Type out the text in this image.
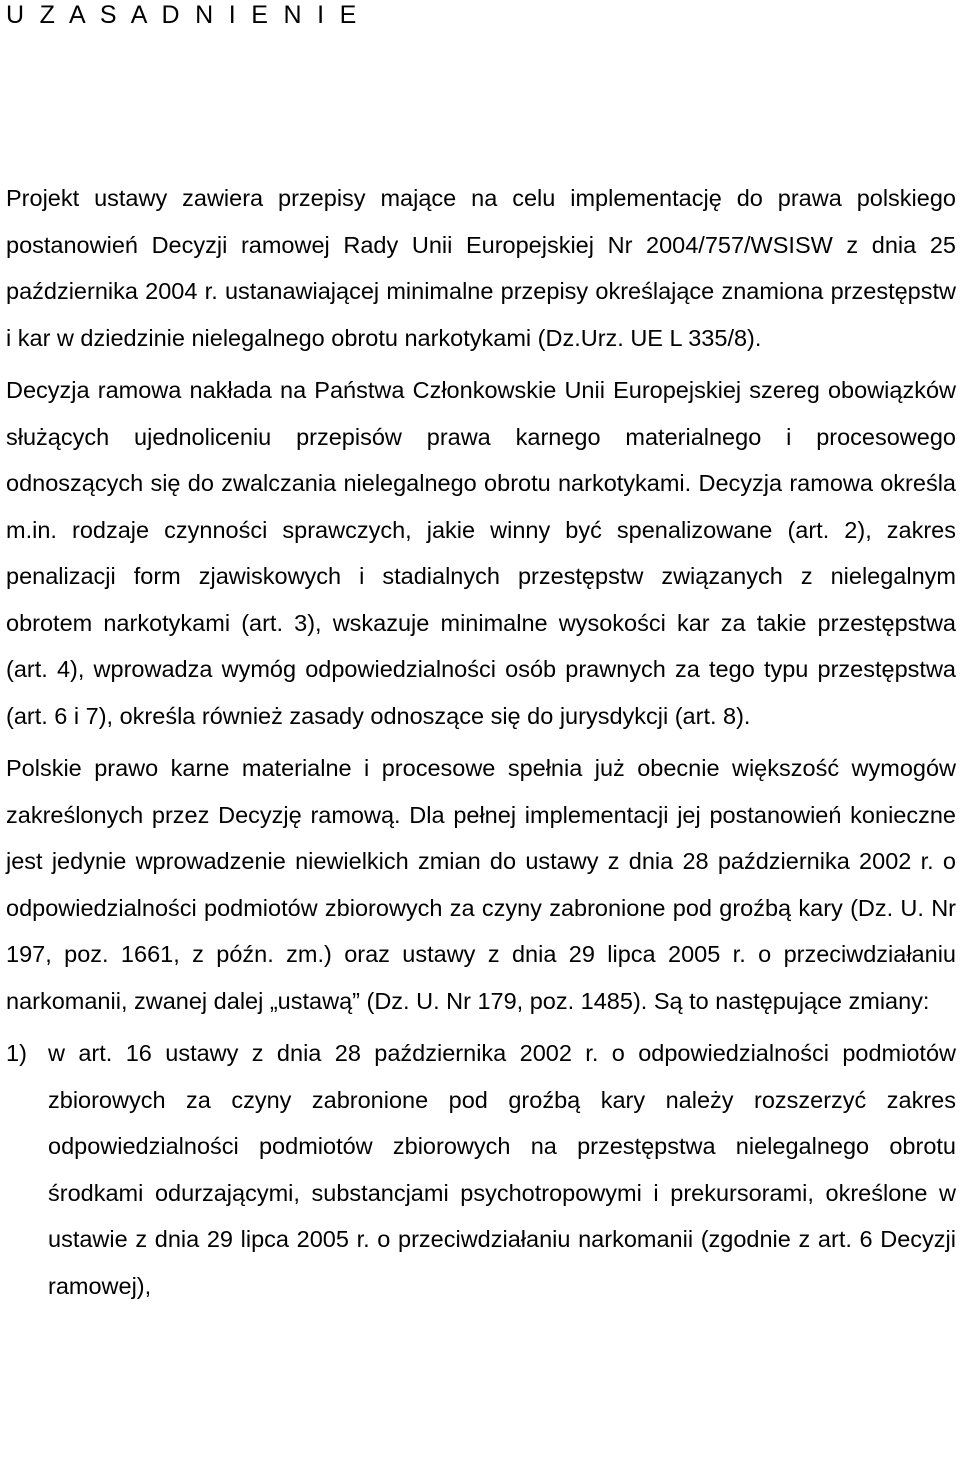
U Z A S A D N I E N I E

Projekt ustawy zawiera przepisy mające na celu implementację do prawa polskiego postanowień Decyzji ramowej Rady Unii Europejskiej Nr 2004/757/WSISW z dnia 25 października 2004 r. ustanawiającej minimalne przepisy określające znamiona przestępstw i kar w dziedzinie nielegalnego obrotu narkotykami (Dz.Urz. UE L 335/8).

Decyzja ramowa nakłada na Państwa Członkowskie Unii Europejskiej szereg obowiązków służących ujednoliceniu przepisów prawa karnego materialnego i procesowego odnoszących się do zwalczania nielegalnego obrotu narkotykami. Decyzja ramowa określa m.in. rodzaje czynności sprawczych, jakie winny być spenalizowane (art. 2), zakres penalizacji form zjawiskowych i stadialnych przestępstw związanych z nielegalnym obrotem narkotykami (art. 3), wskazuje minimalne wysokości kar za takie przestępstwa (art. 4), wprowadza wymóg odpowiedzialności osób prawnych za tego typu przestępstwa (art. 6 i 7), określa również zasady odnoszące się do jurysdykcji (art. 8).

Polskie prawo karne materialne i procesowe spełnia już obecnie większość wymogów zakreślonych przez Decyzję ramową. Dla pełnej implementacji jej postanowień konieczne jest jedynie wprowadzenie niewielkich zmian do ustawy z dnia 28 października 2002 r. o odpowiedzialności podmiotów zbiorowych za czyny zabronione pod groźbą kary (Dz. U. Nr 197, poz. 1661, z późn. zm.) oraz ustawy z dnia 29 lipca 2005 r. o przeciwdziałaniu narkomanii, zwanej dalej „ustawą” (Dz. U. Nr 179, poz. 1485). Są to następujące zmiany:

1) w art. 16 ustawy z dnia 28 października 2002 r. o odpowiedzialności podmiotów zbiorowych za czyny zabronione pod groźbą kary należy rozszerzyć zakres odpowiedzialności podmiotów zbiorowych na przestępstwa nielegalnego obrotu środkami odurzającymi, substancjami psychotropowymi i prekursorami, określone w ustawie z dnia 29 lipca 2005 r. o przeciwdziałaniu narkomanii (zgodnie z art. 6 Decyzji ramowej),
